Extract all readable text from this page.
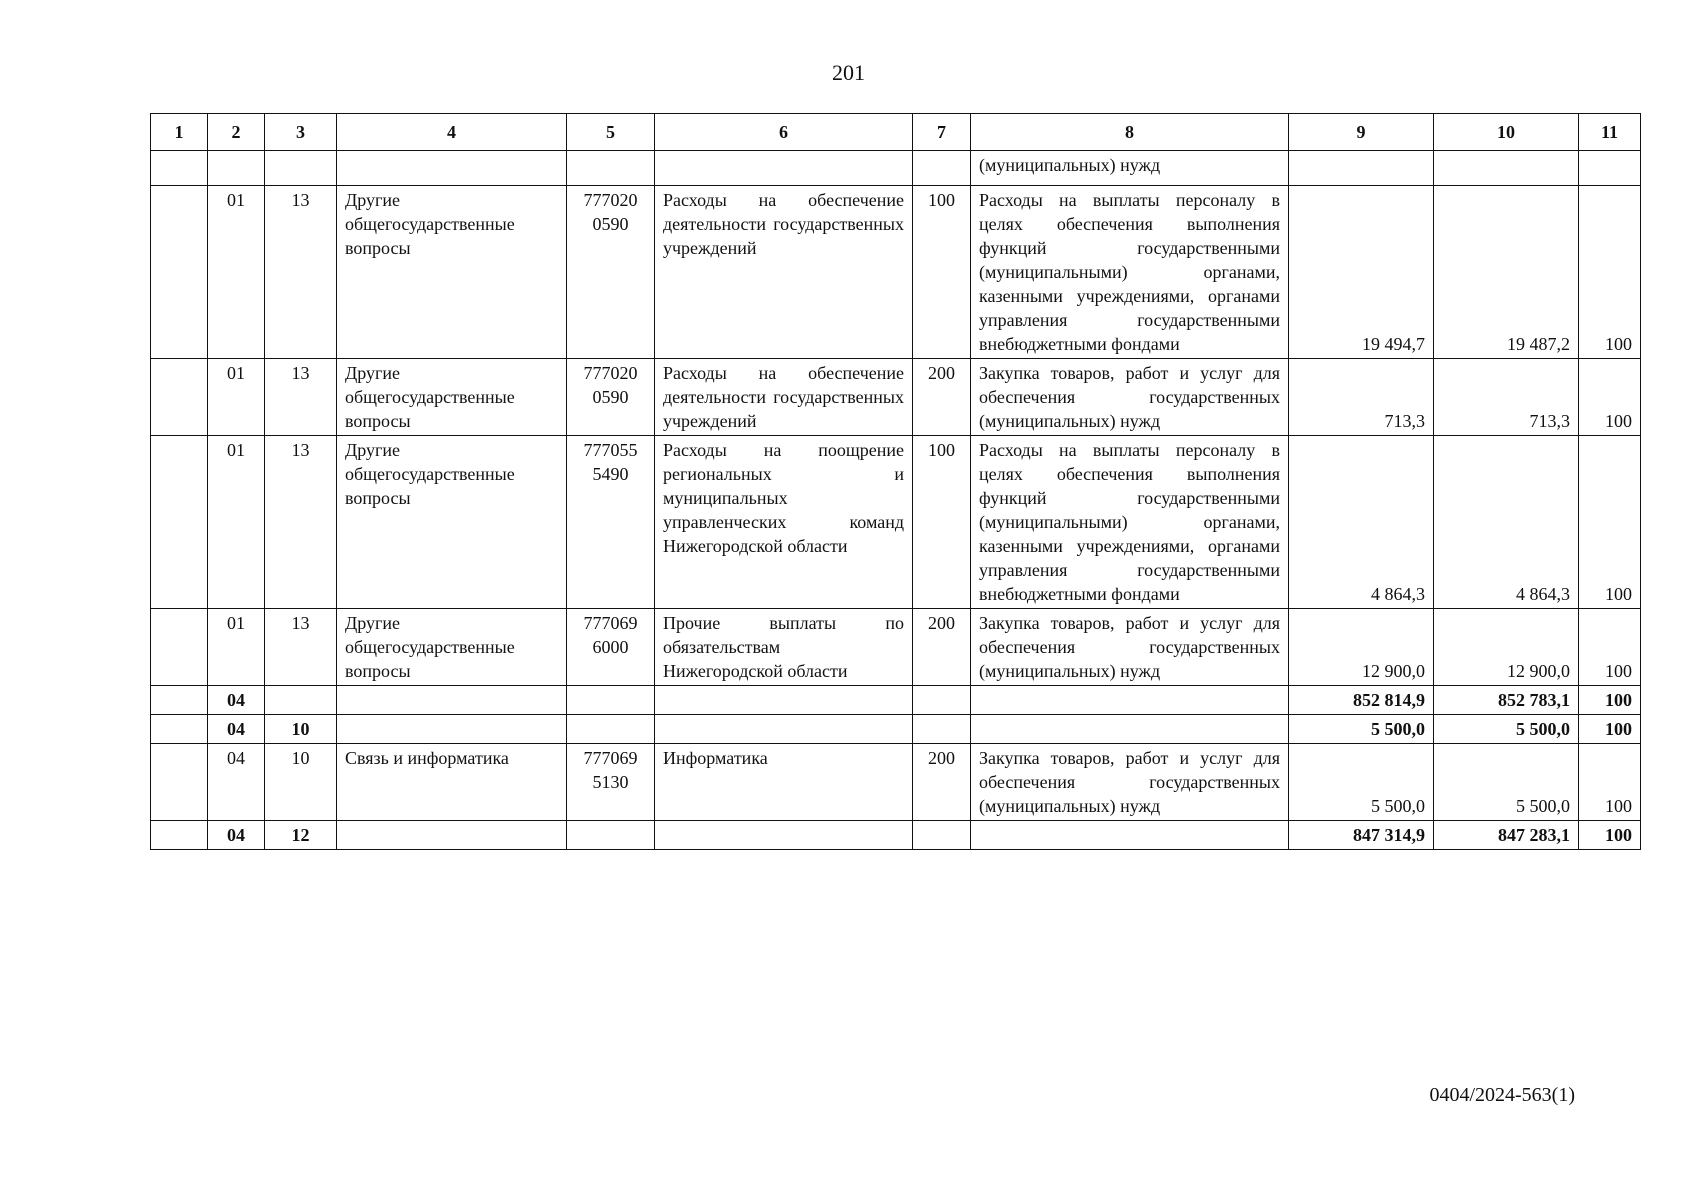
201
1	2	3	4	5	6	7	8	9	10	11
							(муниципальных) нужд			
	01	13	Другие общегосударственные вопросы	777020 0590	Расходы на обеспечение деятельности государственных учреждений	100	Расходы на выплаты персоналу в целях обеспечения выполнения функций государственными (муниципальными) органами, казенными учреждениями, органами управления государственными внебюджетными фондами	19 494,7	19 487,2	100
	01	13	Другие общегосударственные вопросы	777020 0590	Расходы на обеспечение деятельности государственных учреждений	200	Закупка товаров, работ и услуг для обеспечения государственных (муниципальных) нужд	713,3	713,3	100
	01	13	Другие общегосударственные вопросы	777055 5490	Расходы на поощрение региональных и муниципальных управленческих команд Нижегородской области	100	Расходы на выплаты персоналу в целях обеспечения выполнения функций государственными (муниципальными) органами, казенными учреждениями, органами управления государственными внебюджетными фондами	4 864,3	4 864,3	100
	01	13	Другие общегосударственные вопросы	777069 6000	Прочие выплаты по обязательствам Нижегородской области	200	Закупка товаров, работ и услуг для обеспечения государственных (муниципальных) нужд	12 900,0	12 900,0	100
	04							852 814,9	852 783,1	100
	04	10						5 500,0	5 500,0	100
	04	10	Связь и информатика	777069 5130	Информатика	200	Закупка товаров, работ и услуг для обеспечения государственных (муниципальных) нужд	5 500,0	5 500,0	100
	04	12						847 314,9	847 283,1	100
0404/2024-563(1)
